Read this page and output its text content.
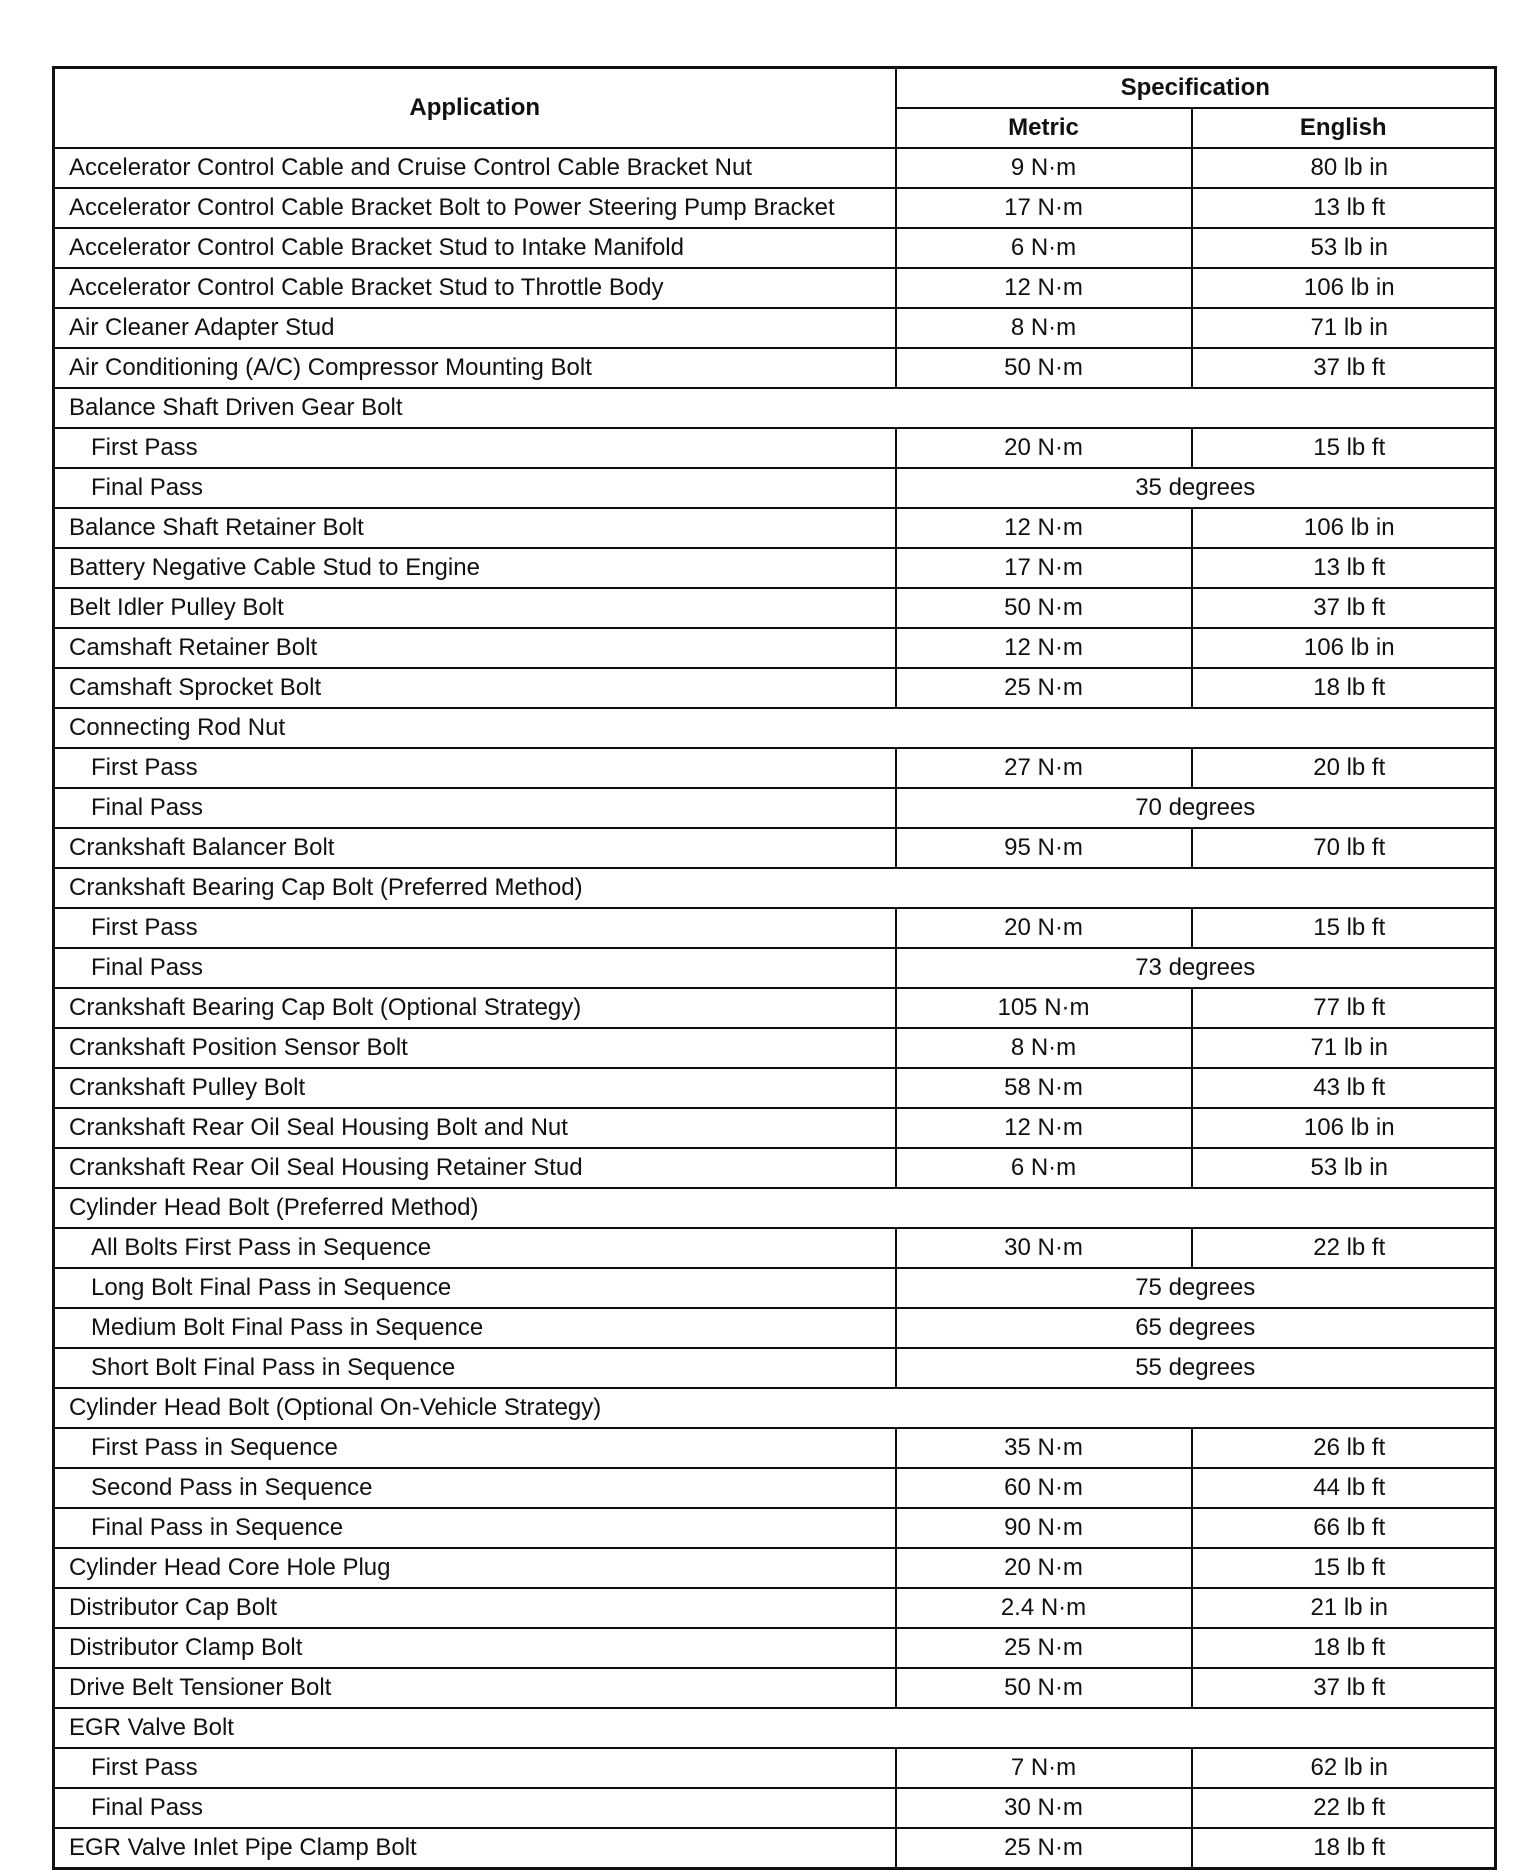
Application	Specification	
	Metric	English
Accelerator Control Cable and Cruise Control Cable Bracket Nut	9 N·m	80 lb in
Accelerator Control Cable Bracket Bolt to Power Steering Pump Bracket	17 N·m	13 lb ft
Accelerator Control Cable Bracket Stud to Intake Manifold	6 N·m	53 lb in
Accelerator Control Cable Bracket Stud to Throttle Body	12 N·m	106 lb in
Air Cleaner Adapter Stud	8 N·m	71 lb in
Air Conditioning (A/C) Compressor Mounting Bolt	50 N·m	37 lb ft
Balance Shaft Driven Gear Bolt		
First Pass	20 N·m	15 lb ft
Final Pass	35 degrees	
Balance Shaft Retainer Bolt	12 N·m	106 lb in
Battery Negative Cable Stud to Engine	17 N·m	13 lb ft
Belt Idler Pulley Bolt	50 N·m	37 lb ft
Camshaft Retainer Bolt	12 N·m	106 lb in
Camshaft Sprocket Bolt	25 N·m	18 lb ft
Connecting Rod Nut		
First Pass	27 N·m	20 lb ft
Final Pass	70 degrees	
Crankshaft Balancer Bolt	95 N·m	70 lb ft
Crankshaft Bearing Cap Bolt (Preferred Method)		
First Pass	20 N·m	15 lb ft
Final Pass	73 degrees	
Crankshaft Bearing Cap Bolt (Optional Strategy)	105 N·m	77 lb ft
Crankshaft Position Sensor Bolt	8 N·m	71 lb in
Crankshaft Pulley Bolt	58 N·m	43 lb ft
Crankshaft Rear Oil Seal Housing Bolt and Nut	12 N·m	106 lb in
Crankshaft Rear Oil Seal Housing Retainer Stud	6 N·m	53 lb in
Cylinder Head Bolt (Preferred Method)		
All Bolts First Pass in Sequence	30 N·m	22 lb ft
Long Bolt Final Pass in Sequence	75 degrees	
Medium Bolt Final Pass in Sequence	65 degrees	
Short Bolt Final Pass in Sequence	55 degrees	
Cylinder Head Bolt (Optional On-Vehicle Strategy)		
First Pass in Sequence	35 N·m	26 lb ft
Second Pass in Sequence	60 N·m	44 lb ft
Final Pass in Sequence	90 N·m	66 lb ft
Cylinder Head Core Hole Plug	20 N·m	15 lb ft
Distributor Cap Bolt	2.4 N·m	21 lb in
Distributor Clamp Bolt	25 N·m	18 lb ft
Drive Belt Tensioner Bolt	50 N·m	37 lb ft
EGR Valve Bolt		
First Pass	7 N·m	62 lb in
Final Pass	30 N·m	22 lb ft
EGR Valve Inlet Pipe Clamp Bolt	25 N·m	18 lb ft
